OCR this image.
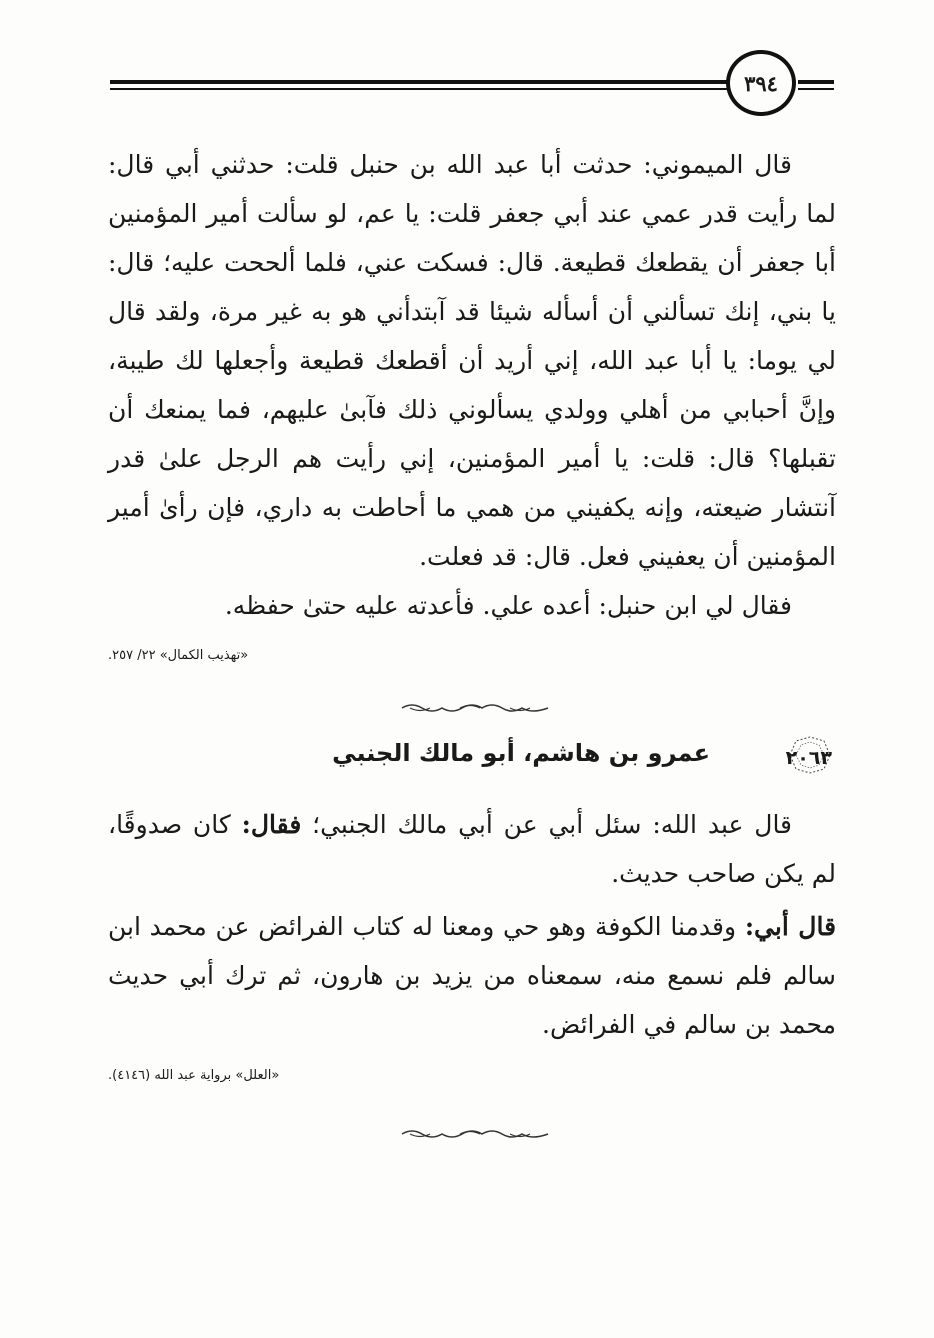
٣٩٤

قال الميموني: حدثت أبا عبد الله بن حنبل قلت: حدثني أبي قال: لما رأيت قدر عمي عند أبي جعفر قلت: يا عم، لو سألت أمير المؤمنين أبا جعفر أن يقطعك قطيعة. قال: فسكت عني، فلما ألححت عليه؛ قال: يا بني، إنك تسألني أن أسأله شيئا قد آبتدأني هو به غير مرة، ولقد قال لي يوما: يا أبا عبد الله، إني أريد أن أقطعك قطيعة وأجعلها لك طيبة، وإنَّ أحبابي من أهلي وولدي يسألوني ذلك فآبىٰ عليهم، فما يمنعك أن تقبلها؟ قال: قلت: يا أمير المؤمنين، إني رأيت هم الرجل علىٰ قدر آنتشار ضيعته، وإنه يكفيني من همي ما أحاطت به داري، فإن رأىٰ أمير المؤمنين أن يعفيني فعل. قال: قد فعلت.

فقال لي ابن حنبل: أعده علي. فأعدته عليه حتىٰ حفظه.

«تهذيب الكمال» ٢٢/ ٢٥٧.
٢٠٦٣
عمرو بن هاشم، أبو مالك الجنبي

قال عبد الله: سئل أبي عن أبي مالك الجنبي؛ فقال: كان صدوقًا، لم يكن صاحب حديث.

قال أبي: وقدمنا الكوفة وهو حي ومعنا له كتاب الفرائض عن محمد ابن سالم فلم نسمع منه، سمعناه من يزيد بن هارون، ثم ترك أبي حديث محمد بن سالم في الفرائض.

«العلل» برواية عبد الله (٤١٤٦).
